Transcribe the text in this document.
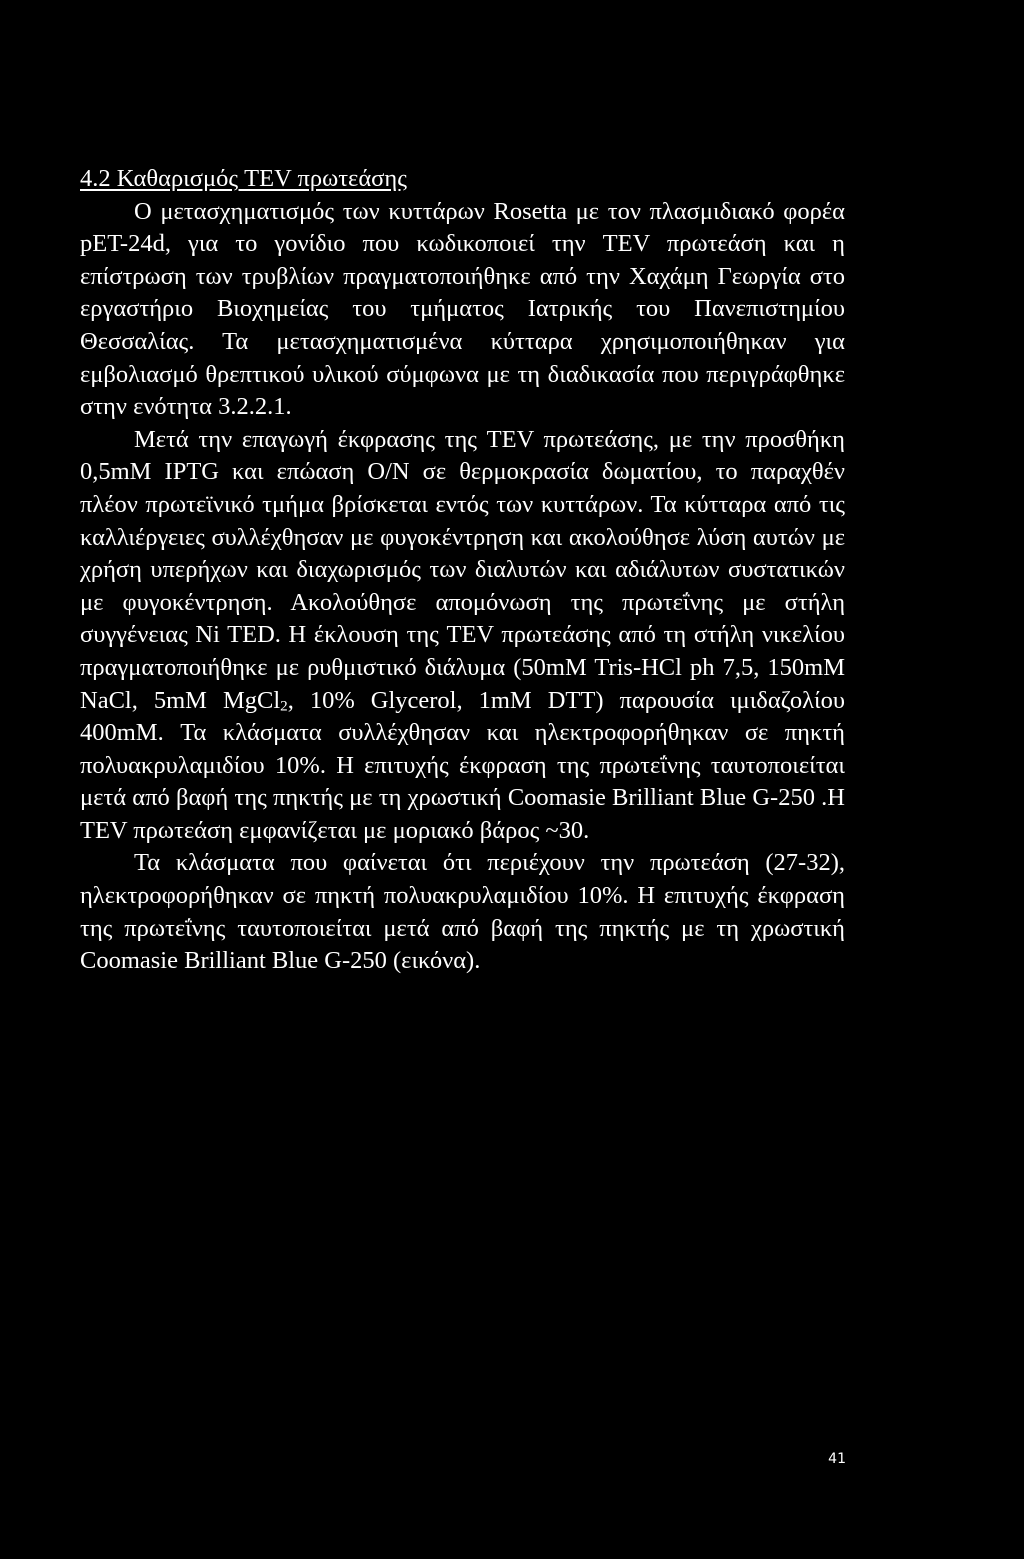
4.2 Καθαρισμός TEV πρωτεάσης

Ο μετασχηματισμός των κυττάρων Rosetta με τον πλασμιδιακό φορέα pET-24d, για το γονίδιο που κωδικοποιεί την TEV πρωτεάση και η επίστρωση των τρυβλίων πραγματοποιήθηκε από την Χαχάμη Γεωργία στο εργαστήριο Βιοχημείας του τμήματος Ιατρικής του Πανεπιστημίου Θεσσαλίας. Τα μετασχηματισμένα κύτταρα χρησιμοποιήθηκαν για εμβολιασμό θρεπτικού υλικού σύμφωνα με τη διαδικασία που περιγράφθηκε στην ενότητα 3.2.2.1.

Μετά την επαγωγή έκφρασης της TEV πρωτεάσης, με την προσθήκη 0,5mM IPTG και επώαση O/N σε θερμοκρασία δωματίου, το παραχθέν πλέον πρωτεϊνικό τμήμα βρίσκεται εντός των κυττάρων. Τα κύτταρα από τις καλλιέργειες συλλέχθησαν με φυγοκέντρηση και ακολούθησε λύση αυτών με χρήση υπερήχων και διαχωρισμός των διαλυτών και αδιάλυτων συστατικών με φυγοκέντρηση. Ακολούθησε απομόνωση της πρωτεΐνης με στήλη συγγένειας Ni TED. Η έκλουση της TEV πρωτεάσης από τη στήλη νικελίου πραγματοποιήθηκε με ρυθμιστικό διάλυμα (50mM Tris-HCl ph 7,5, 150mM NaCl, 5mM MgCl$_2$, 10% Glycerol, 1mM DTT) παρουσία ιμιδαζολίου 400mM. Τα κλάσματα συλλέχθησαν και ηλεκτροφορήθηκαν σε πηκτή πολυακρυλαμιδίου 10%. Η επιτυχής έκφραση της πρωτεΐνης ταυτοποιείται μετά από βαφή της πηκτής με τη χρωστική Coomasie Brilliant Blue G-250 .H TEV πρωτεάση εμφανίζεται με μοριακό βάρος ~30.

Τα κλάσματα που φαίνεται ότι περιέχουν την πρωτεάση (27-32), ηλεκτροφορήθηκαν σε πηκτή πολυακρυλαμιδίου 10%. Η επιτυχής έκφραση της πρωτεΐνης ταυτοποιείται μετά από βαφή της πηκτής με τη χρωστική Coomasie Brilliant Blue G-250 (εικόνα).

41
